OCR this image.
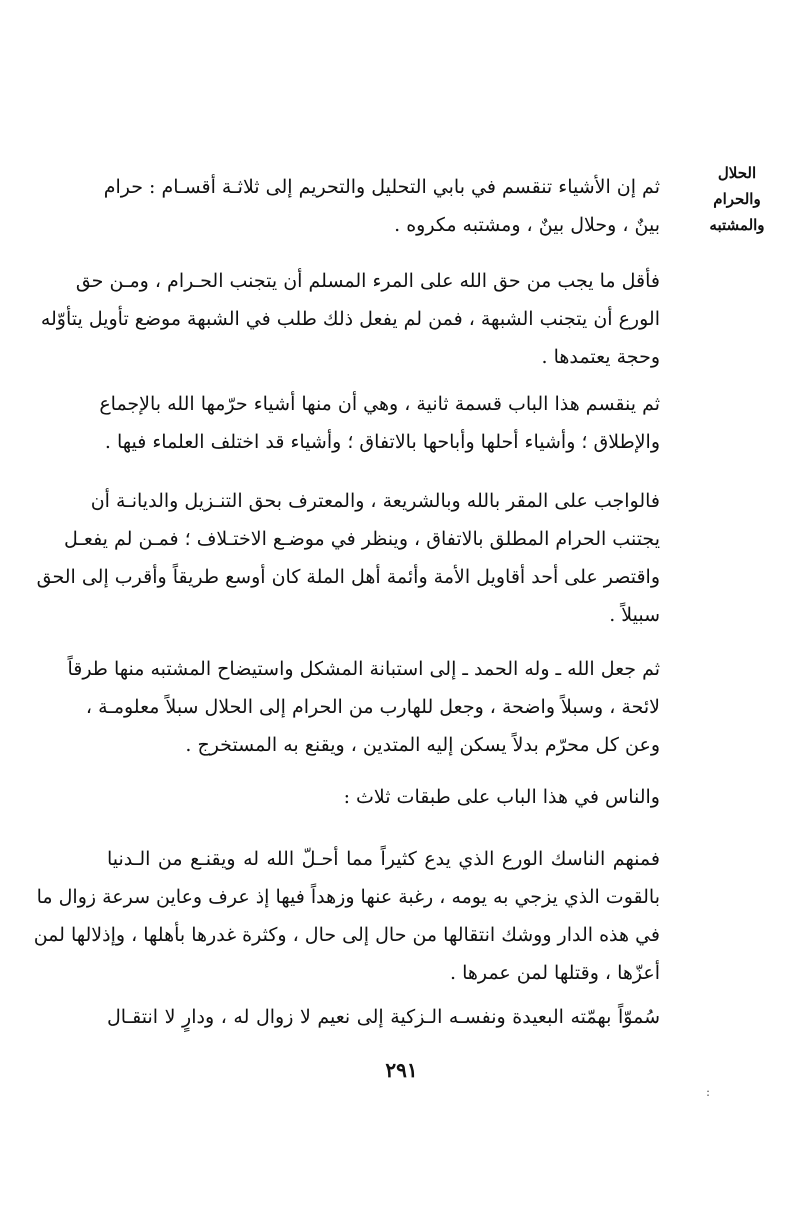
الحلال
والحرام
والمشتبه
ثم إن الأشياء تنقسم في بابي التحليل والتحريم إلى ثلاثـة أقسـام : حرام
بينٌ ، وحلال بينٌ ، ومشتبه مكروه .
فأقل ما يجب من حق الله على المرء المسلم أن يتجنب الحـرام ، ومـن حق
الورع أن يتجنب الشبهة ، فمن لم يفعل ذلك طلب في الشبهة موضع تأويل يتأوّله
وحجة يعتمدها .
ثم ينقسم هذا الباب قسمة ثانية ، وهي أن منها أشياء حرّمها الله بالإجماع
والإطلاق ؛ وأشياء أحلها وأباحها بالاتفاق ؛ وأشياء قد اختلف العلماء فيها .
فالواجب على المقر بالله وبالشريعة ، والمعترف بحق التنـزيل والديانـة أن
يجتنب الحرام المطلق بالاتفاق ، وينظر في موضـع الاختـلاف ؛ فمـن لم يفعـل
واقتصر على أحد أقاويل الأمة وأئمة أهل الملة كان أوسع طريقاً وأقرب إلى الحق
سبيلاً .
ثم جعل الله ـ وله الحمد ـ إلى استبانة المشكل واستيضاح المشتبه منها طرقاً
لائحة ، وسبلاً واضحة ، وجعل للهارب من الحرام إلى الحلال سبلاً معلومـة ،
وعن كل محرّم بدلاً يسكن إليه المتدين ، ويقنع به المستخرج .
والناس في هذا الباب على طبقات ثلاث :
فمنهم الناسك الورع الذي يدع كثيراً مما أحـلّ الله له ويقنـع من الـدنيا
بالقوت الذي يزجي به يومه ، رغبة عنها وزهداً فيها إذ عرف وعاين سرعة زوال ما
في هذه الدار ووشك انتقالها من حال إلى حال ، وكثرة غدرها بأهلها ، وإذلالها لمن
أعزّها ، وقتلها لمن عمرها .
سُموّاً بهمّته البعيدة ونفسـه الـزكية إلى نعيم لا زوال له ، ودارٍ لا انتقـال
٢٩١
:
